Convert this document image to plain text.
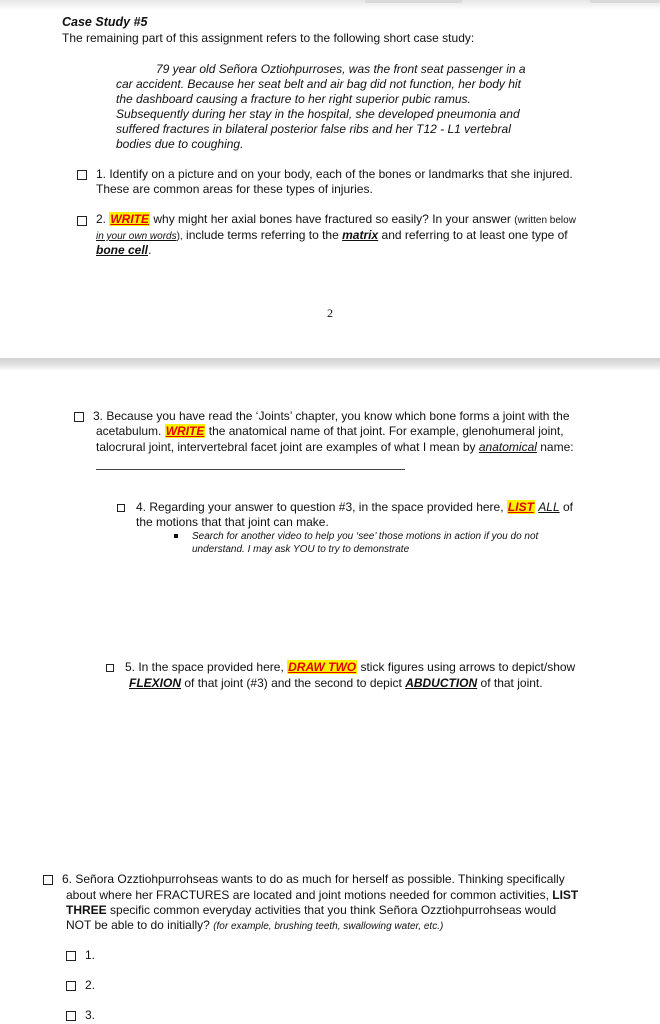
Case Study #5
The remaining part of this assignment refers to the following short case study:
79 year old Señora Oztiohpurroses, was the front seat passenger in a
car accident. Because her seat belt and air bag did not function, her body hit
the dashboard causing a fracture to her right superior pubic ramus.
Subsequently during her stay in the hospital, she developed pneumonia and
suffered fractures in bilateral posterior false ribs and her T12 - L1 vertebral
bodies due to coughing.
1. Identify on a picture and on your body, each of the bones or landmarks that she injured.
These are common areas for these types of injuries.
2. WRITE why might her axial bones have fractured so easily? In your answer (written below
in your own words), include terms referring to the matrix and referring to at least one type of
bone cell.
2
3. Because you have read the ‘Joints’ chapter, you know which bone forms a joint with the
acetabulum. WRITE the anatomical name of that joint. For example, glenohumeral joint,
talocrural joint, intervertebral facet joint are examples of what I mean by anatomical name:
4. Regarding your answer to question #3, in the space provided here, LIST ALL of
the motions that that joint can make.
Search for another video to help you ‘see’ those motions in action if you do not
understand. I may ask YOU to try to demonstrate
5. In the space provided here, DRAW TWO stick figures using arrows to depict/show
FLEXION of that joint (#3) and the second to depict ABDUCTION of that joint.
6. Señora Ozztiohpurrohseas wants to do as much for herself as possible. Thinking specifically
about where her FRACTURES are located and joint motions needed for common activities, LIST
THREE specific common everyday activities that you think Señora Ozztiohpurrohseas would
NOT be able to do initially? (for example, brushing teeth, swallowing water, etc.)
1.
2.
3.
